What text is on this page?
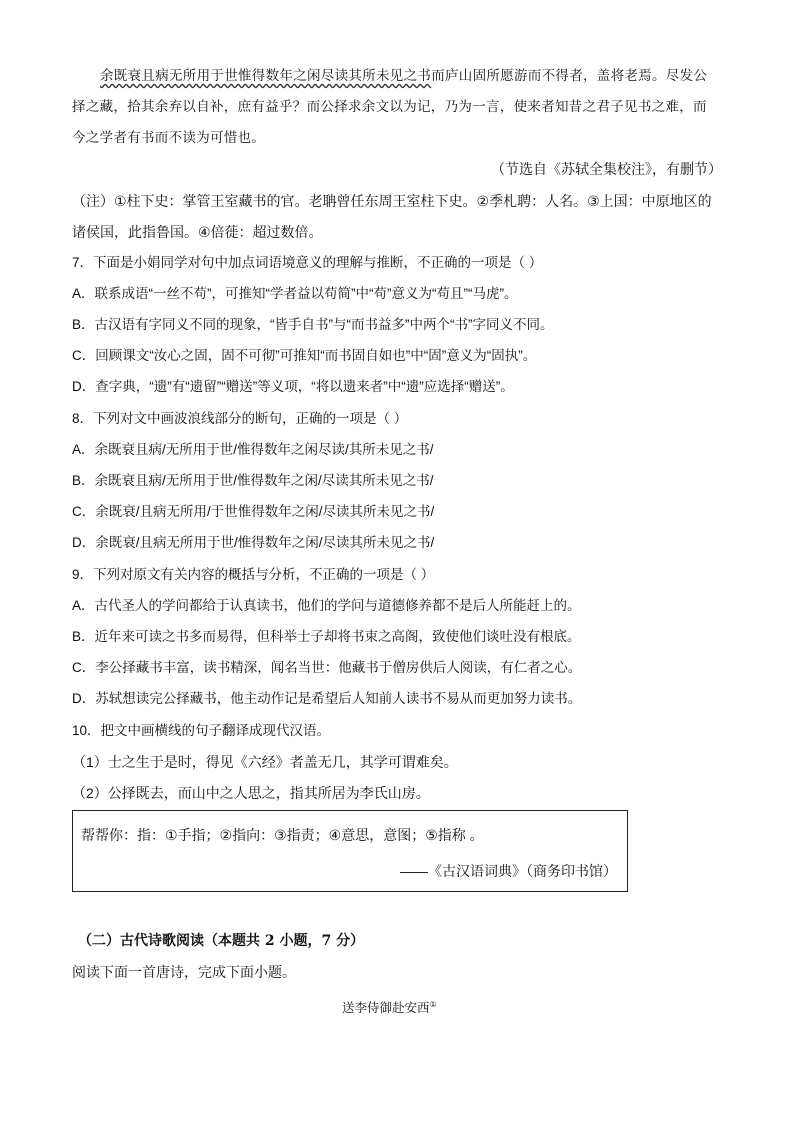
余既衰且病无所用于世惟得数年之闲尽读其所未见之书而庐山固所愿游而不得者，盖将老焉。尽发公
择之藏，拾其余弃以自补，庶有益乎？而公择求余文以为记，乃为一言，使来者知昔之君子见书之难，而
今之学者有书而不读为可惜也。
（节选自《苏轼全集校注》，有删节）
（注）①柱下史：掌管王室藏书的官。老聃曾任东周王室柱下史。②季札聘：人名。③上国：中原地区的
诸侯国，此指鲁国。④倍蓰：超过数倍。
7．下面是小娟同学对句中加点词语境意义的理解与推断，不正确的一项是（ ）
A．联系成语“一丝不苟”，可推知“学者益以苟简”中“苟”意义为“苟且”“马虎”。
B．古汉语有字同义不同的现象，“皆手自书”与“而书益多”中两个“书”字同义不同。
C．回顾课文“汝心之固，固不可彻”可推知“而书固自如也”中“固”意义为“固执”。
D．查字典，“遗”有“遗留”“赠送”等义项，“将以遗来者”中“遗”应选择“赠送”。
8．下列对文中画波浪线部分的断句，正确的一项是（ ）
A．余既衰且病/无所用于世/惟得数年之闲尽读/其所未见之书/
B．余既衰且病/无所用于世/惟得数年之闲/尽读其所未见之书/
C．余既衰/且病无所用/于世惟得数年之闲/尽读其所未见之书/
D．余既衰/且病无所用于世/惟得数年之闲/尽读其所未见之书/
9．下列对原文有关内容的概括与分析，不正确的一项是（ ）
A．古代圣人的学问都给于认真读书，他们的学问与道德修养都不是后人所能赶上的。
B．近年来可读之书多而易得，但科举士子却将书束之高阁，致使他们谈吐没有根底。
C．李公择藏书丰富，读书精深，闻名当世：他藏书于僧房供后人阅读，有仁者之心。
D．苏轼想读完公择藏书，他主动作记是希望后人知前人读书不易从而更加努力读书。
10．把文中画横线的句子翻译成现代汉语。
（1）士之生于是时，得见《六经》者盖无几，其学可谓难矣。
（2）公择既去，而山中之人思之，指其所居为李氏山房。
帮帮你：指：①手指；②指向：③指责；④意思，意图；⑤指称 。
——《古汉语词典》（商务印书馆）
（二）古代诗歌阅读（本题共 2 小题，7 分）
阅读下面一首唐诗，完成下面小题。
送李侍御赴安西①
